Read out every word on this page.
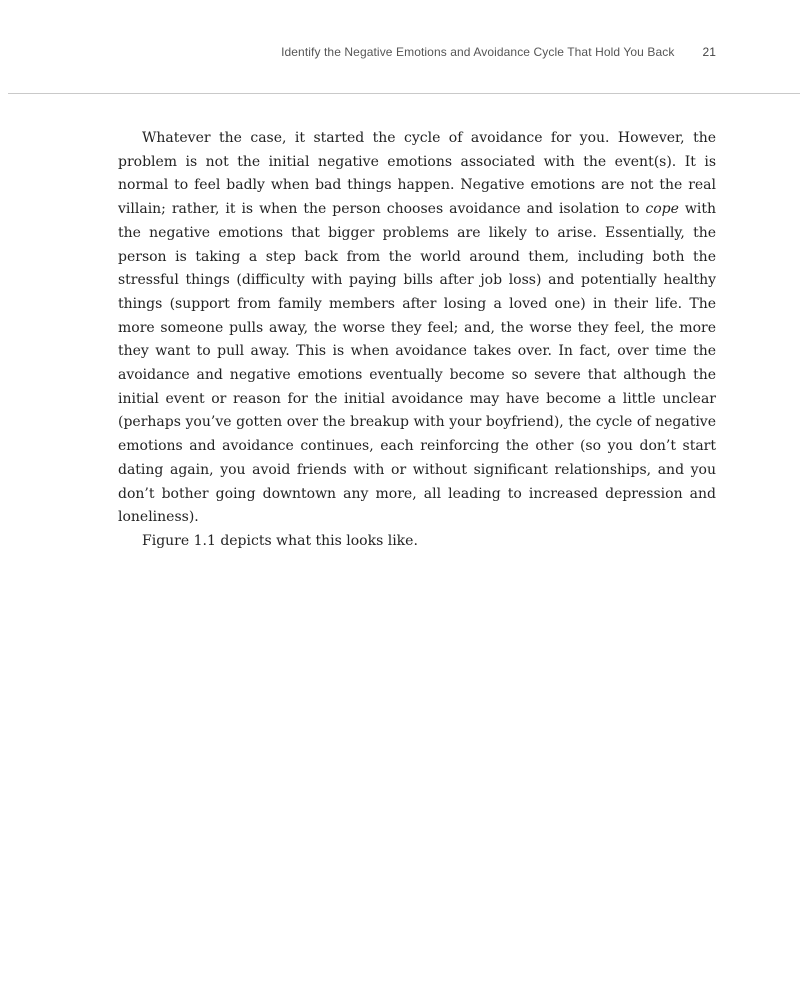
Identify the Negative Emotions and Avoidance Cycle That Hold You Back 21

Whatever the case, it started the cycle of avoidance for you. However, the problem is not the initial negative emotions associated with the event(s). It is normal to feel badly when bad things happen. Negative emotions are not the real villain; rather, it is when the person chooses avoidance and isolation to cope with the negative emotions that bigger problems are likely to arise. Essentially, the person is taking a step back from the world around them, including both the stressful things (difficulty with paying bills after job loss) and potentially healthy things (support from family members after losing a loved one) in their life. The more someone pulls away, the worse they feel; and, the worse they feel, the more they want to pull away. This is when avoidance takes over. In fact, over time the avoidance and negative emotions eventually become so severe that although the initial event or reason for the initial avoidance may have become a little unclear (perhaps you’ve gotten over the breakup with your boyfriend), the cycle of negative emotions and avoidance continues, each reinforcing the other (so you don’t start dating again, you avoid friends with or without significant relationships, and you don’t bother going downtown any more, all leading to increased depression and loneliness).

Figure 1.1 depicts what this looks like.
